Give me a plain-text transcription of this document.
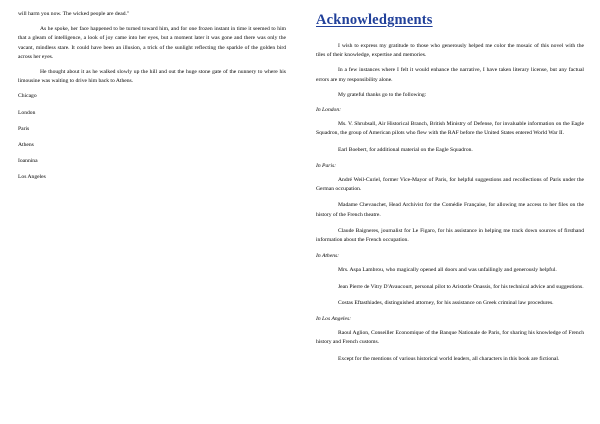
will harm you now. The wicked people are dead."

As he spoke, her face happened to be turned toward him, and for one frozen instant in time it seemed to him that a gleam of intelligence, a look of joy came into her eyes, but a moment later it was gone and there was only the vacant, mindless stare. It could have been an illusion, a trick of the sunlight reflecting the sparkle of the golden bird across her eyes.

He thought about it as he walked slowly up the hill and out the huge stone gate of the nunnery to where his limousine was waiting to drive him back to Athens.

Chicago

London

Paris

Athens

Ioannina

Los Angeles

Acknowledgments

I wish to express my gratitude to those who generously helped me color the mosaic of this novel with the tiles of their knowledge, expertise and memories.

In a few instances where I felt it would enhance the narrative, I have taken literary license, but any factual errors are my responsibility alone.

My grateful thanks go to the following:

In London:

Ms. V. Shrubsall, Air Historical Branch, British Ministry of Defense, for invaluable information on the Eagle Squadron, the group of American pilots who flew with the RAF before the United States entered World War II.

Earl Boebert, for additional material on the Eagle Squadron.

In Paris:

André Weil-Curiel, former Vice-Mayor of Paris, for helpful suggestions and recollections of Paris under the German occupation.

Madame Chevauchet, Head Archivist for the Comédie Française, for allowing me access to her files on the history of the French theatre.

Claude Baigneres, journalist for Le Figaro, for his assistance in helping me track down sources of firsthand information about the French occupation.

In Athens:

Mrs. Aspa Lambrou, who magically opened all doors and was unfailingly and generously helpful.

Jean Pierre de Vitry D'Avaucourt, personal pilot to Aristotle Onassis, for his technical advice and suggestions.

Costas Eftasthiades, distinguished attorney, for his assistance on Greek criminal law procedures.

In Los Angeles:

Raoul Aglion, Conseiller Economique of the Banque Nationale de Paris, for sharing his knowledge of French history and French customs.

Except for the mentions of various historical world leaders, all characters in this book are fictional.
